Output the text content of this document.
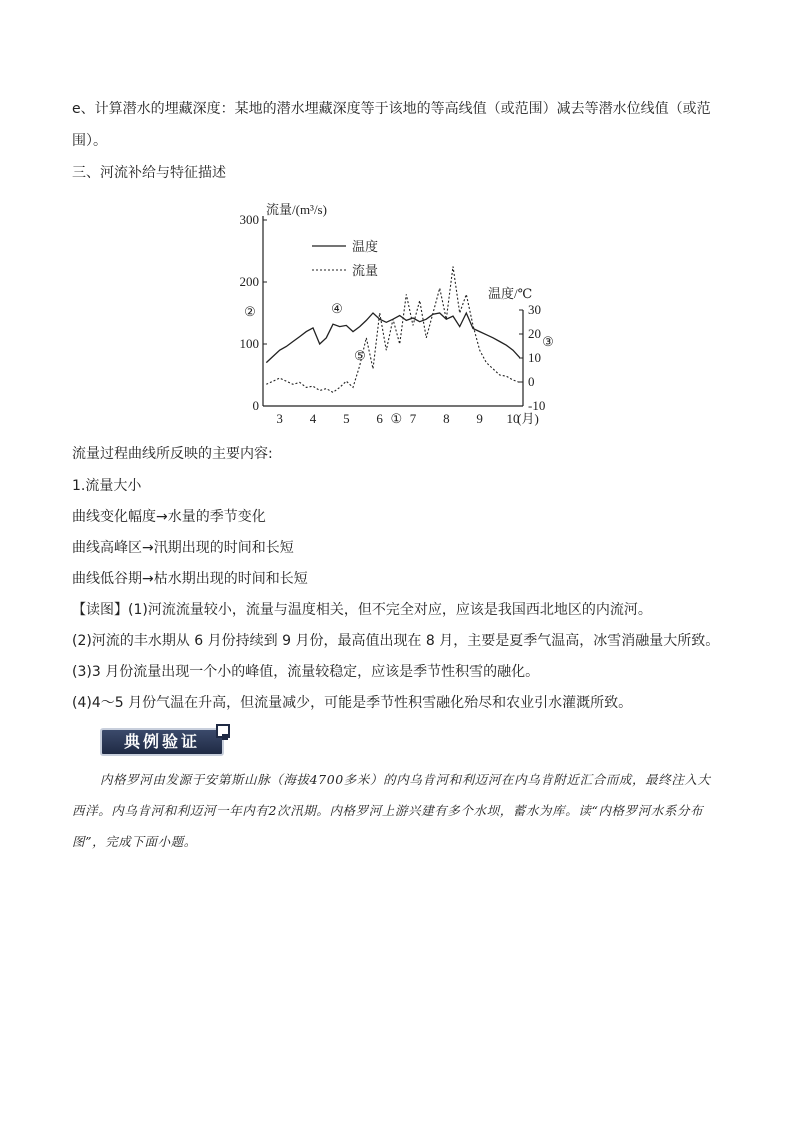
e、计算潜水的埋藏深度：某地的潜水埋藏深度等于该地的等高线值（或范围）减去等潜水位线值（或范
围）。
三、河流补给与特征描述
流量/(m³/s)
温度/℃
300
200
100
0
30
20
10
0
-10
3 4 5 6 ① 7 8 9 10
(月)
温度
流量
②	④
⑤
③
流量过程曲线所反映的主要内容:
1.流量大小
曲线变化幅度→水量的季节变化
曲线高峰区→汛期出现的时间和长短
曲线低谷期→枯水期出现的时间和长短
【读图】(1)河流流量较小，流量与温度相关，但不完全对应，应该是我国西北地区的内流河。
(2)河流的丰水期从 6 月份持续到 9 月份，最高值出现在 8 月，主要是夏季气温高，冰雪消融量大所致。
(3)3 月份流量出现一个小的峰值，流量较稳定，应该是季节性积雪的融化。
(4)4～5 月份气温在升高，但流量减少，可能是季节性积雪融化殆尽和农业引水灌溉所致。
典例验证
内格罗河由发源于安第斯山脉（海拔4700多米）的内乌肯河和利迈河在内乌肯附近汇合而成，最终注入大西洋。内乌肯河和利迈河一年内有2次汛期。内格罗河上游兴建有多个水坝，蓄水为库。读“内格罗河水系分布图”，完成下面小题。
